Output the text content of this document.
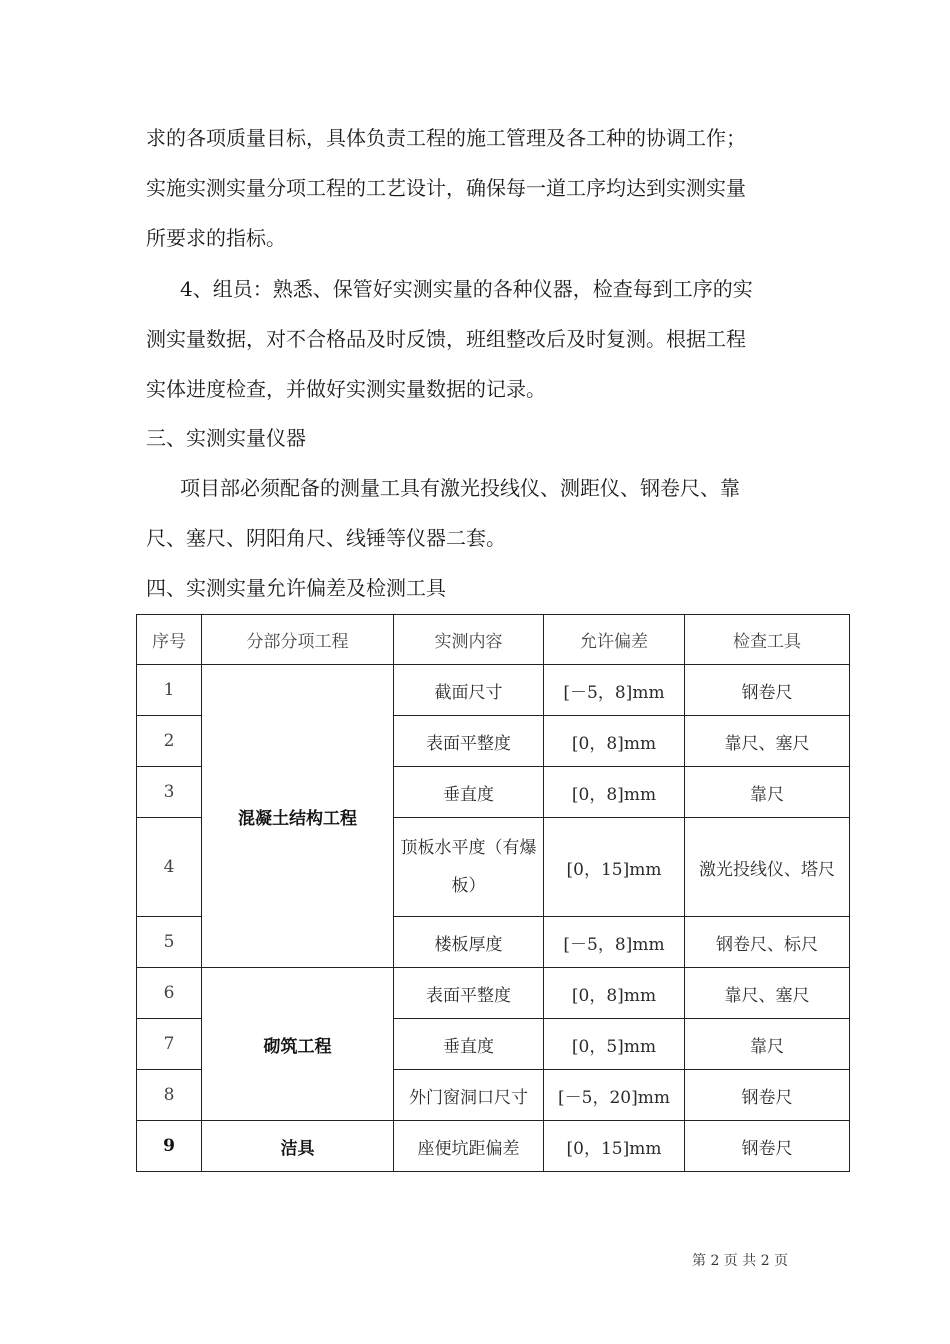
求的各项质量目标，具体负责工程的施工管理及各工种的协调工作；
实施实测实量分项工程的工艺设计，确保每一道工序均达到实测实量
所要求的指标。

4、组员：熟悉、保管好实测实量的各种仪器，检查每到工序的实
测实量数据，对不合格品及时反馈，班组整改后及时复测。根据工程
实体进度检查，并做好实测实量数据的记录。

三、实测实量仪器

项目部必须配备的测量工具有激光投线仪、测距仪、钢卷尺、靠
尺、塞尺、阴阳角尺、线锤等仪器二套。

四、实测实量允许偏差及检测工具

序号	分部分项工程	实测内容	允许偏差	检查工具
1	混凝土结构工程	截面尺寸	[－5，8]mm	钢卷尺
2		表面平整度	[0，8]mm	靠尺、塞尺
3		垂直度	[0，8]mm	靠尺
4		顶板水平度（有爆板）	[0，15]mm	激光投线仪、塔尺
5		楼板厚度	[－5，8]mm	钢卷尺、标尺
6	砌筑工程	表面平整度	[0，8]mm	靠尺、塞尺
7		垂直度	[0，5]mm	靠尺
8		外门窗洞口尺寸	[－5，20]mm	钢卷尺
9	洁具	座便坑距偏差	[0，15]mm	钢卷尺
第 2 页 共 2 页
